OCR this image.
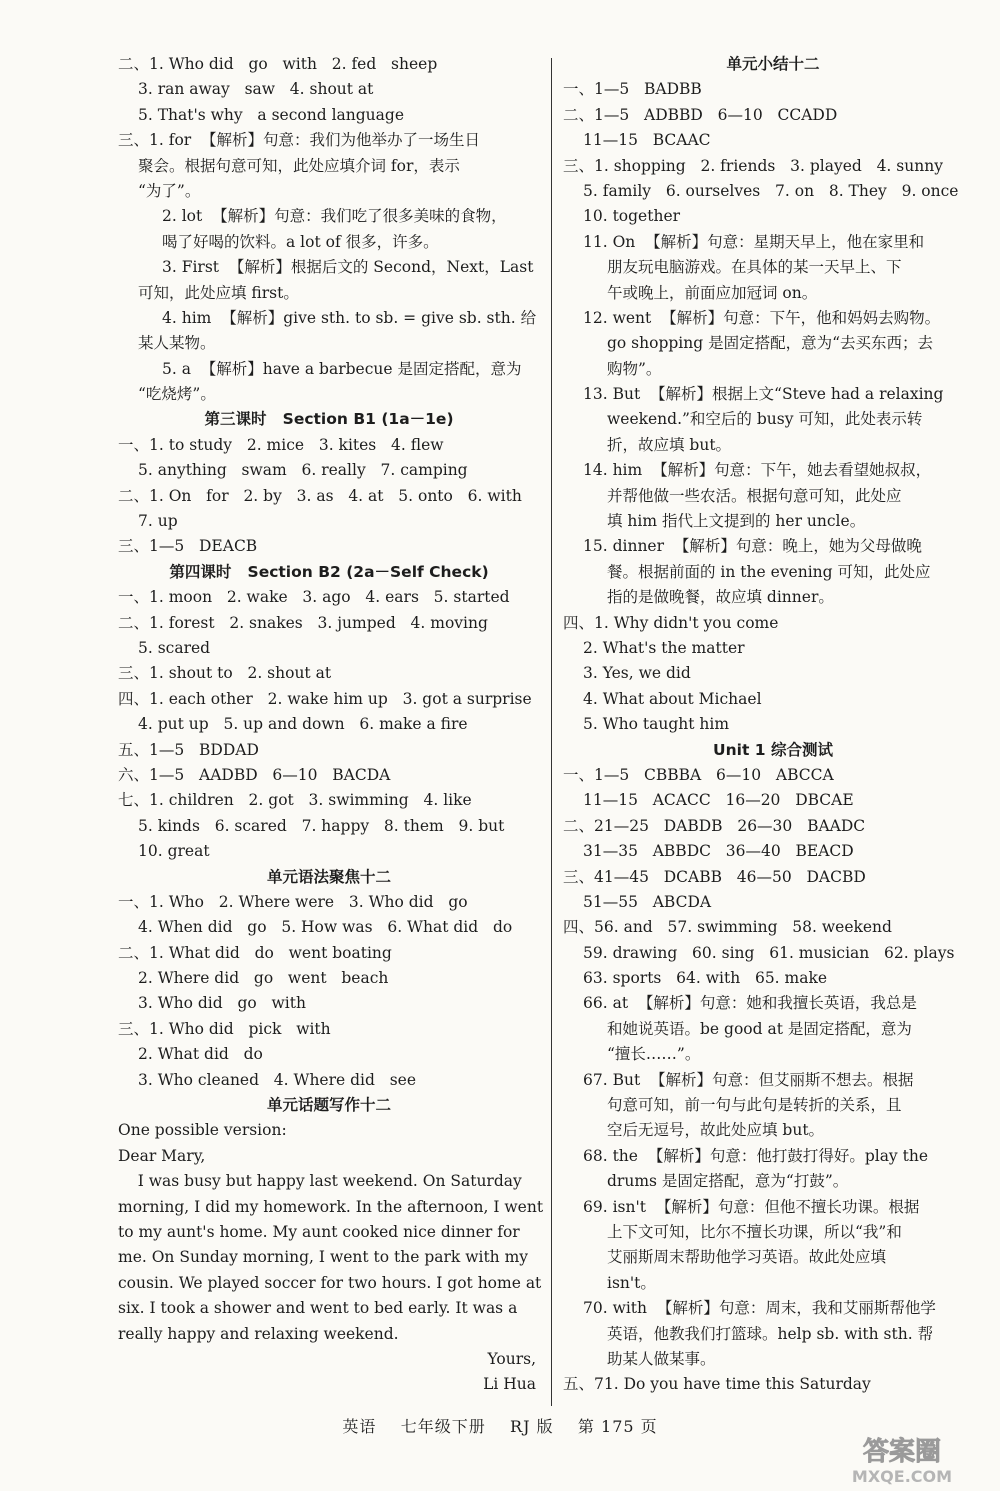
二、1. Who did   go   with   2. fed   sheep
3. ran away   saw   4. shout at
5. That's why   a second language
三、1. for  【解析】句意：我们为他举办了一场生日
聚会。根据句意可知，此处应填介词 for，表示
“为了”。
2. lot  【解析】句意：我们吃了很多美味的食物，
喝了好喝的饮料。a lot of 很多，许多。
3. First  【解析】根据后文的 Second，Next，Last
可知，此处应填 first。
4. him  【解析】give sth. to sb. = give sb. sth. 给
某人某物。
5. a  【解析】have a barbecue 是固定搭配，意为
“吃烧烤”。
第三课时   Section B1 (1a－1e)
一、1. to study   2. mice   3. kites   4. flew
5. anything   swam   6. really   7. camping
二、1. On   for   2. by   3. as   4. at   5. onto   6. with
7. up
三、1—5   DEACB
第四课时   Section B2 (2a－Self Check)
一、1. moon   2. wake   3. ago   4. ears   5. started
二、1. forest   2. snakes   3. jumped   4. moving
5. scared
三、1. shout to   2. shout at
四、1. each other   2. wake him up   3. got a surprise
4. put up   5. up and down   6. make a fire
五、1—5   BDDAD
六、1—5   AADBD   6—10   BACDA
七、1. children   2. got   3. swimming   4. like
5. kinds   6. scared   7. happy   8. them   9. but
10. great
单元语法聚焦十二
一、1. Who   2. Where were   3. Who did   go
4. When did   go   5. How was   6. What did   do
二、1. What did   do   went boating
2. Where did   go   went   beach
3. Who did   go   with
三、1. Who did   pick   with
2. What did   do
3. Who cleaned   4. Where did   see
单元话题写作十二
One possible version:
Dear Mary,
I was busy but happy last weekend. On Saturday
morning, I did my homework. In the afternoon, I went
to my aunt's home. My aunt cooked nice dinner for
me. On Sunday morning, I went to the park with my
cousin. We played soccer for two hours. I got home at
six. I took a shower and went to bed early. It was a
really happy and relaxing weekend.
Yours,
Li Hua
单元小结十二
一、1—5   BADBB
二、1—5   ADBBD   6—10   CCADD
11—15   BCAAC
三、1. shopping   2. friends   3. played   4. sunny
5. family   6. ourselves   7. on   8. They   9. once
10. together
11. On  【解析】句意：星期天早上，他在家里和
朋友玩电脑游戏。在具体的某一天早上、下
午或晚上，前面应加冠词 on。
12. went  【解析】句意：下午，他和妈妈去购物。
go shopping 是固定搭配，意为“去买东西；去
购物”。
13. But  【解析】根据上文“Steve had a relaxing
weekend.”和空后的 busy 可知，此处表示转
折，故应填 but。
14. him  【解析】句意：下午，她去看望她叔叔，
并帮他做一些农活。根据句意可知，此处应
填 him 指代上文提到的 her uncle。
15. dinner  【解析】句意：晚上，她为父母做晚
餐。根据前面的 in the evening 可知，此处应
指的是做晚餐，故应填 dinner。
四、1. Why didn't you come
2. What's the matter
3. Yes, we did
4. What about Michael
5. Who taught him
Unit 1 综合测试
一、1—5   CBBBA   6—10   ABCCA
11—15   ACACC   16—20   DBCAE
二、21—25   DABDB   26—30   BAADC
31—35   ABBDC   36—40   BEACD
三、41—45   DCABB   46—50   DACBD
51—55   ABCDA
四、56. and   57. swimming   58. weekend
59. drawing   60. sing   61. musician   62. plays
63. sports   64. with   65. make
66. at  【解析】句意：她和我擅长英语，我总是
和她说英语。be good at 是固定搭配，意为
“擅长……”。
67. But  【解析】句意：但艾丽斯不想去。根据
句意可知，前一句与此句是转折的关系，且
空后无逗号，故此处应填 but。
68. the  【解析】句意：他打鼓打得好。play the
drums 是固定搭配，意为“打鼓”。
69. isn't  【解析】句意：但他不擅长功课。根据
上下文可知，比尔不擅长功课，所以“我”和
艾丽斯周末帮助他学习英语。故此处应填
isn't。
70. with  【解析】句意：周末，我和艾丽斯帮他学
英语，他教我们打篮球。help sb. with sth. 帮
助某人做某事。
五、71. Do you have time this Saturday
英语    七年级下册    RJ 版    第 175 页
答案圈
MXQE.COM
